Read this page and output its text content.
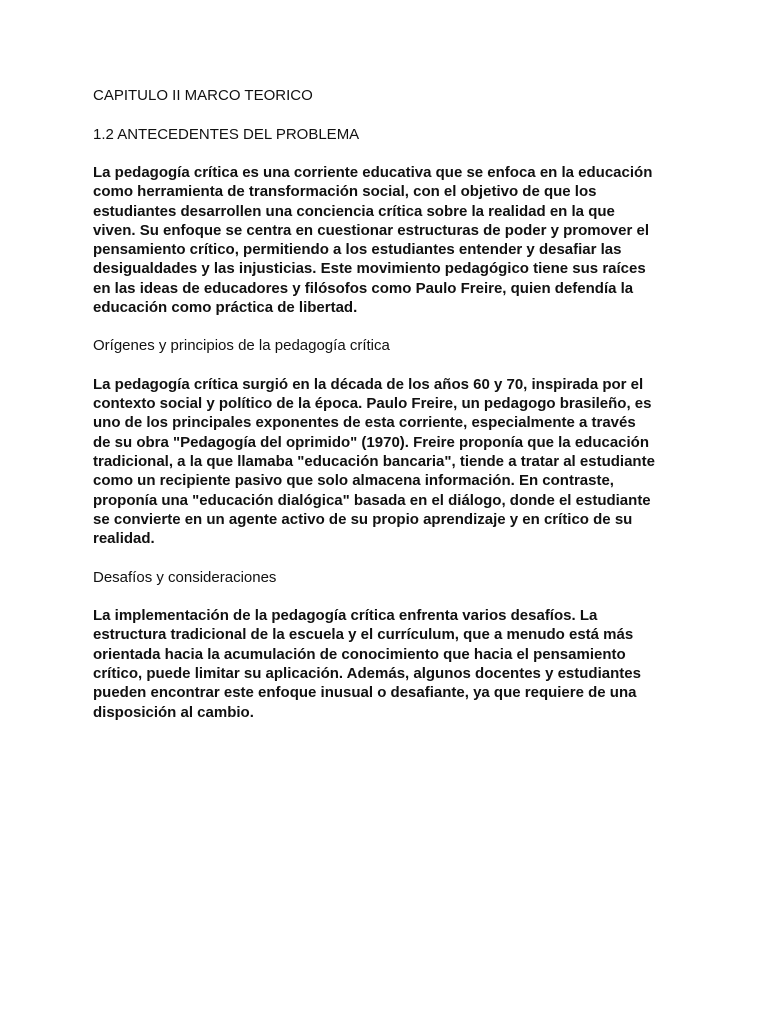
CAPITULO II MARCO TEORICO
1.2 ANTECEDENTES DEL PROBLEMA
La pedagogía crítica es una corriente educativa que se enfoca en la educación
como herramienta de transformación social, con el objetivo de que los
estudiantes desarrollen una conciencia crítica sobre la realidad en la que
viven. Su enfoque se centra en cuestionar estructuras de poder y promover el
pensamiento crítico, permitiendo a los estudiantes entender y desafiar las
desigualdades y las injusticias. Este movimiento pedagógico tiene sus raíces
en las ideas de educadores y filósofos como Paulo Freire, quien defendía la
educación como práctica de libertad.
Orígenes y principios de la pedagogía crítica
La pedagogía crítica surgió en la década de los años 60 y 70, inspirada por el
contexto social y político de la época. Paulo Freire, un pedagogo brasileño, es
uno de los principales exponentes de esta corriente, especialmente a través
de su obra "Pedagogía del oprimido" (1970). Freire proponía que la educación
tradicional, a la que llamaba "educación bancaria", tiende a tratar al estudiante
como un recipiente pasivo que solo almacena información. En contraste,
proponía una "educación dialógica" basada en el diálogo, donde el estudiante
se convierte en un agente activo de su propio aprendizaje y en crítico de su
realidad.
Desafíos y consideraciones
La implementación de la pedagogía crítica enfrenta varios desafíos. La
estructura tradicional de la escuela y el currículum, que a menudo está más
orientada hacia la acumulación de conocimiento que hacia el pensamiento
crítico, puede limitar su aplicación. Además, algunos docentes y estudiantes
pueden encontrar este enfoque inusual o desafiante, ya que requiere de una
disposición al cambio.
